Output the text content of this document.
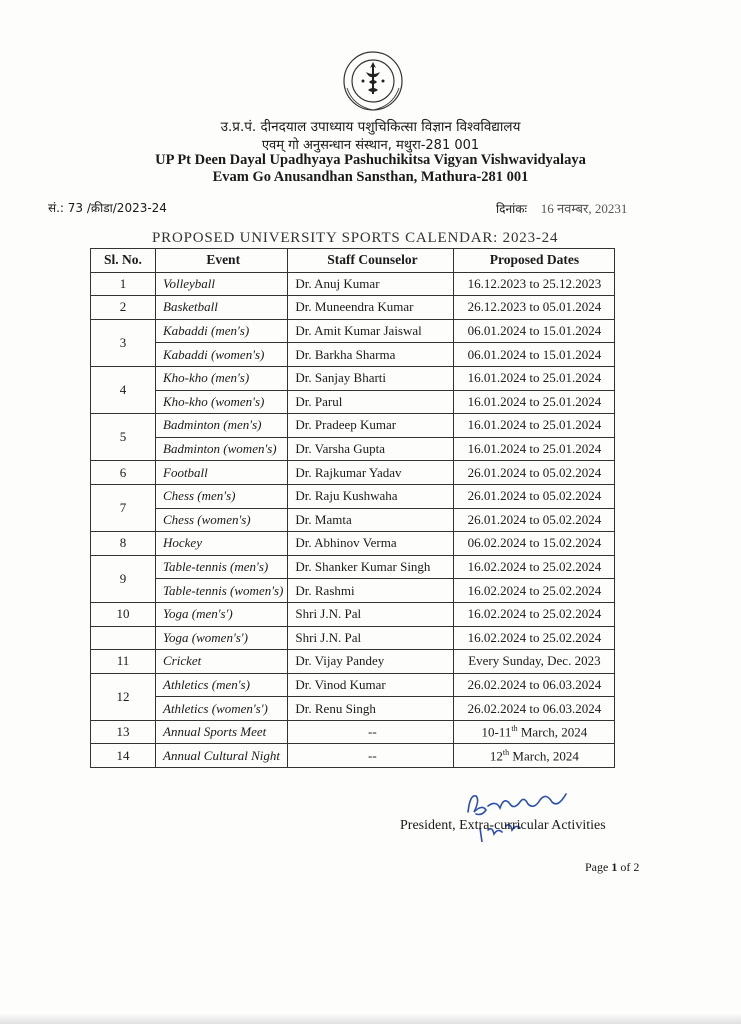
उ.प्र.पं. दीनदयाल उपाध्याय पशुचिकित्सा विज्ञान विश्वविद्यालय
एवम् गो अनुसन्धान संस्थान, मथुरा-281 001
UP Pt Deen Dayal Upadhyaya Pashuchikitsa Vigyan Vishwavidyalaya
Evam Go Anusandhan Sansthan, Mathura-281 001
सं.: 73 /क्रीडा/2023-24	दिनांकः 16 नवम्बर, 20231
PROPOSED UNIVERSITY SPORTS CALENDAR: 2023-24
Sl. No.	Event	Staff Counselor	Proposed Dates
1	Volleyball	Dr. Anuj Kumar	16.12.2023 to 25.12.2023
2	Basketball	Dr. Muneendra Kumar	26.12.2023 to 05.01.2024
3	Kabaddi (men's)	Dr. Amit Kumar Jaiswal	06.01.2024 to 15.01.2024
	Kabaddi (women's)	Dr. Barkha Sharma	06.01.2024 to 15.01.2024
4	Kho-kho (men's)	Dr. Sanjay Bharti	16.01.2024 to 25.01.2024
	Kho-kho (women's)	Dr. Parul	16.01.2024 to 25.01.2024
5	Badminton (men's)	Dr. Pradeep Kumar	16.01.2024 to 25.01.2024
	Badminton (women's)	Dr. Varsha Gupta	16.01.2024 to 25.01.2024
6	Football	Dr. Rajkumar Yadav	26.01.2024 to 05.02.2024
7	Chess (men's)	Dr. Raju Kushwaha	26.01.2024 to 05.02.2024
	Chess (women's)	Dr. Mamta	26.01.2024 to 05.02.2024
8	Hockey	Dr. Abhinov Verma	06.02.2024 to 15.02.2024
9	Table-tennis (men's)	Dr. Shanker Kumar Singh	16.02.2024 to 25.02.2024
	Table-tennis (women's)	Dr. Rashmi	16.02.2024 to 25.02.2024
10	Yoga (men's')	Shri J.N. Pal	16.02.2024 to 25.02.2024
	Yoga (women's')	Shri J.N. Pal	16.02.2024 to 25.02.2024
11	Cricket	Dr. Vijay Pandey	Every Sunday, Dec. 2023
12	Athletics (men's)	Dr. Vinod Kumar	26.02.2024 to 06.03.2024
	Athletics (women's')	Dr. Renu Singh	26.02.2024 to 06.03.2024
13	Annual Sports Meet	--	10-11th March, 2024
14	Annual Cultural Night	--	12th March, 2024
President, Extra-curricular Activities
Page 1 of 2
